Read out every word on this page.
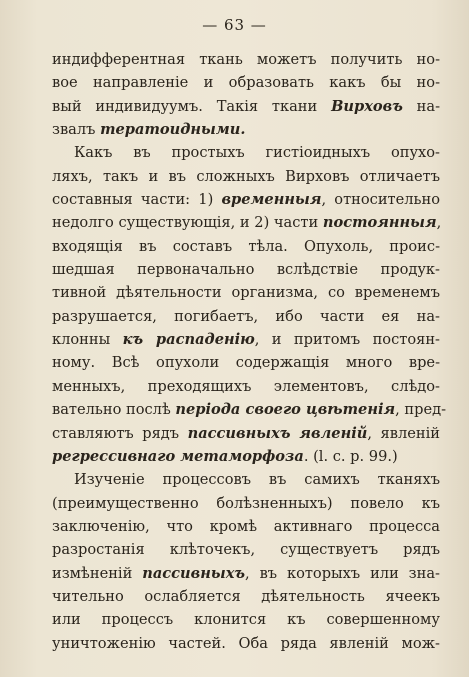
— 63 —
индифферентная ткань можетъ получить но-
вое направленіе и образовать какъ бы но-
вый индивидуумъ. Такія ткани Вирховъ на-
звалъ тератоидными.
Какъ въ простыхъ гистіоидныхъ опухо-
ляхъ, такъ и въ сложныхъ Вирховъ отличаетъ
составныя части: 1) временныя, относительно
недолго существующія, и 2) части постоянныя,
входящія въ составъ тѣла. Опухоль, проис-
шедшая первоначально вслѣдствіе продук-
тивной дѣятельности организма, со временемъ
разрушается, погибаетъ, ибо части ея на-
клонны къ распаденію, и притомъ постоян-
ному. Всѣ опухоли содержащія много вре-
менныхъ, преходящихъ элементовъ, слѣдо-
вательно послѣ періода своего цвѣтенія, пред-
ставляютъ рядъ пассивныхъ явленій, явленій
регрессивнаго метаморфоза. (l. c. p. 99.)
Изученіе процессовъ въ самихъ тканяхъ
(преимущественно болѣзненныхъ) повело къ
заключенію, что кромѣ активнаго процесса
разростанія клѣточекъ, существуетъ рядъ
измѣненій пассивныхъ, въ которыхъ или зна-
чительно ослабляется дѣятельность ячеекъ
или процессъ клонится къ совершенному
уничтоженію частей. Оба ряда явленій мож-
